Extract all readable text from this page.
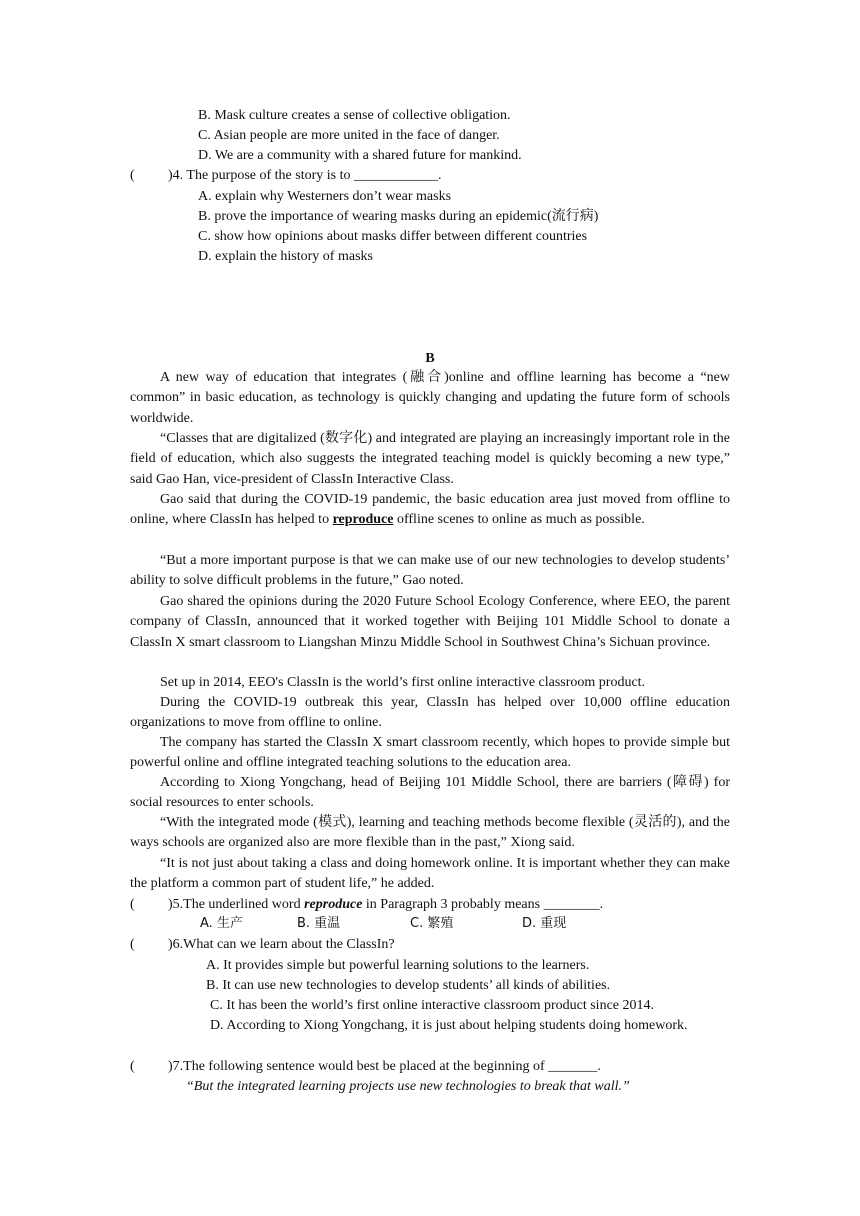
B. Mask culture creates a sense of collective obligation.
C. Asian people are more united in the face of danger.
D. We are a community with a shared future for mankind.
( )4. The purpose of the story is to ____________.
A. explain why Westerners don’t wear masks
B. prove the importance of wearing masks during an epidemic(流行病)
C. show how opinions about masks differ between different countries
D. explain the history of masks
B
A new way of education that integrates (融合)online and offline learning has become a “new common” in basic education, as technology is quickly changing and updating the future form of schools worldwide.
“Classes that are digitalized (数字化) and integrated are playing an increasingly important role in the field of education, which also suggests the integrated teaching model is quickly becoming a new type,” said Gao Han, vice-president of ClassIn Interactive Class.
Gao said that during the COVID-19 pandemic, the basic education area just moved from offline to online, where ClassIn has helped to reproduce offline scenes to online as much as possible.
“But a more important purpose is that we can make use of our new technologies to develop students’ ability to solve difficult problems in the future,” Gao noted.
Gao shared the opinions during the 2020 Future School Ecology Conference, where EEO, the parent company of ClassIn, announced that it worked together with Beijing 101 Middle School to donate a ClassIn X smart classroom to Liangshan Minzu Middle School in Southwest China’s Sichuan province.
Set up in 2014, EEO's ClassIn is the world’s first online interactive classroom product.
During the COVID-19 outbreak this year, ClassIn has helped over 10,000 offline education organizations to move from offline to online.
The company has started the ClassIn X smart classroom recently, which hopes to provide simple but powerful online and offline integrated teaching solutions to the education area.
According to Xiong Yongchang, head of Beijing 101 Middle School, there are barriers (障碍) for social resources to enter schools.
“With the integrated mode (模式), learning and teaching methods become flexible (灵活的), and the ways schools are organized also are more flexible than in the past,” Xiong said.
“It is not just about taking a class and doing homework online. It is important whether they can make the platform a common part of student life,” he added.
( )5.The underlined word reproduce in Paragraph 3 probably means ________.
A. 生产	B. 重温	C. 繁殖	D. 重现
( )6.What can we learn about the ClassIn?
A. It provides simple but powerful learning solutions to the learners.
B. It can use new technologies to develop students’ all kinds of abilities.
C. It has been the world’s first online interactive classroom product since 2014.
D. According to Xiong Yongchang, it is just about helping students doing homework.
( )7.The following sentence would best be placed at the beginning of _______.
“But the integrated learning projects use new technologies to break that wall.”
